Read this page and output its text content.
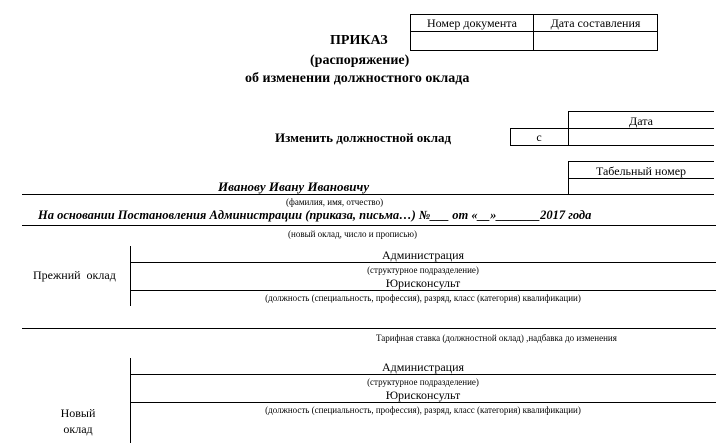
Номер документа	Дата составления
ПРИКАЗ
(распоряжение)
об изменении должностного оклада
Изменить должностной оклад
Дата
с
Табельный номер
Иванову Ивану Ивановичу
(фамилия, имя, отчество)
На основании Постановления Администрации (приказа, письма…) №___ от «__»_______2017 года
(новый оклад, число и прописью)
Прежний  оклад
Администрация
(структурное подразделение)
Юрисконсульт
(должность (специальность, профессия), разряд, класс (категория) квалификации)
Тарифная ставка (должностной оклад) ,надбавка до изменения
Администрация
(структурное подразделение)
Юрисконсульт
(должность (специальность, профессия), разряд, класс (категория) квалификации)
Новый
оклад
